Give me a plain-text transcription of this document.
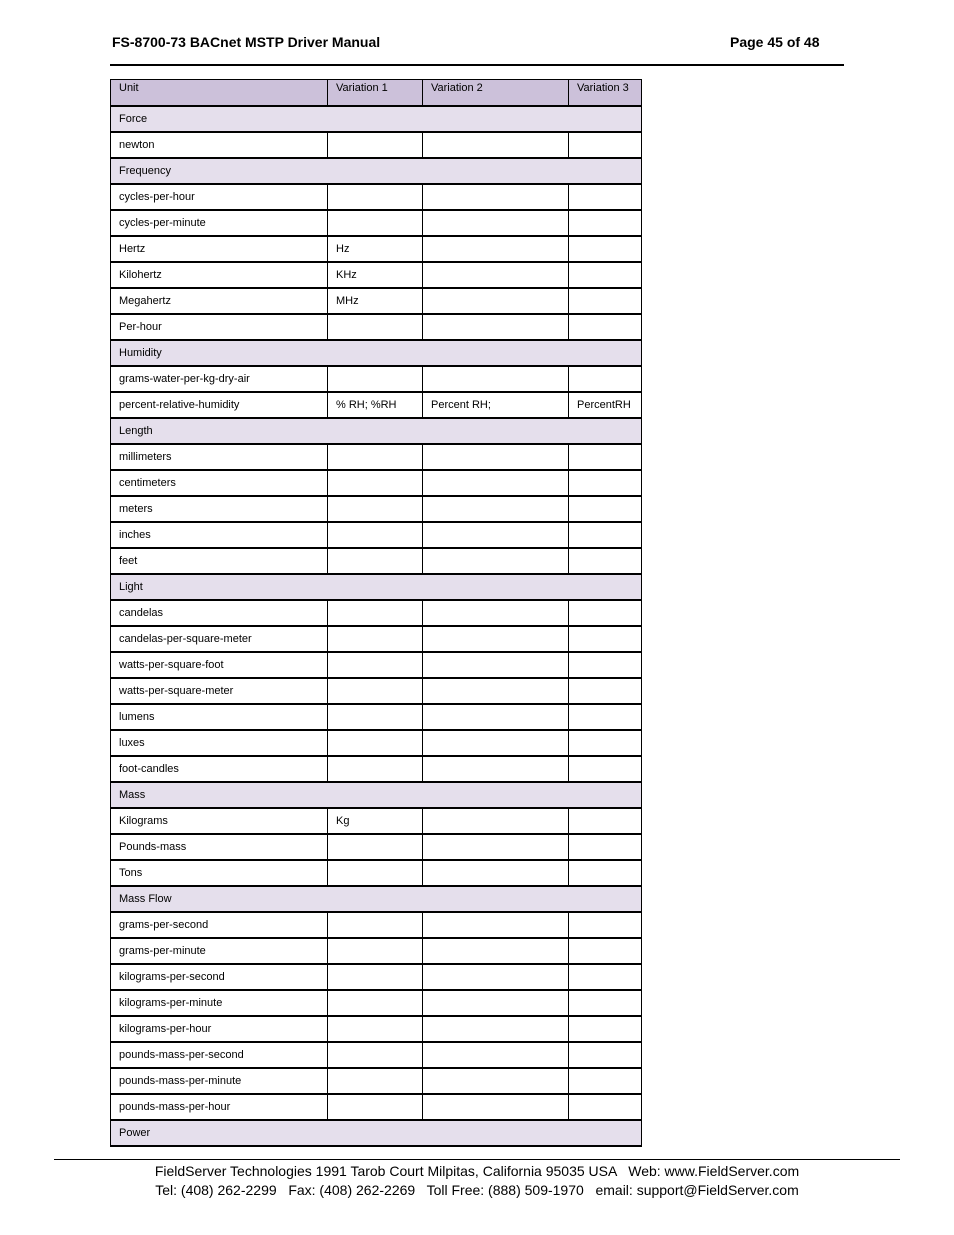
FS-8700-73 BACnet MSTP Driver Manual	Page 45 of 48
Unit	Variation 1	Variation 2	Variation 3
Force			
newton			
Frequency			
cycles-per-hour			
cycles-per-minute			
Hertz	Hz		
Kilohertz	KHz		
Megahertz	MHz		
Per-hour			
Humidity			
grams-water-per-kg-dry-air			
percent-relative-humidity	% RH; %RH	Percent RH;	PercentRH
Length			
millimeters			
centimeters			
meters			
inches			
feet			
Light			
candelas			
candelas-per-square-meter			
watts-per-square-foot			
watts-per-square-meter			
lumens			
luxes			
foot-candles			
Mass			
Kilograms	Kg		
Pounds-mass			
Tons			
Mass Flow			
grams-per-second			
grams-per-minute			
kilograms-per-second			
kilograms-per-minute			
kilograms-per-hour			
pounds-mass-per-second			
pounds-mass-per-minute			
pounds-mass-per-hour			
Power			
FieldServer Technologies 1991 Tarob Court Milpitas, California 95035 USA   Web: www.FieldServer.com
Tel: (408) 262-2299   Fax: (408) 262-2269   Toll Free: (888) 509-1970   email: support@FieldServer.com
